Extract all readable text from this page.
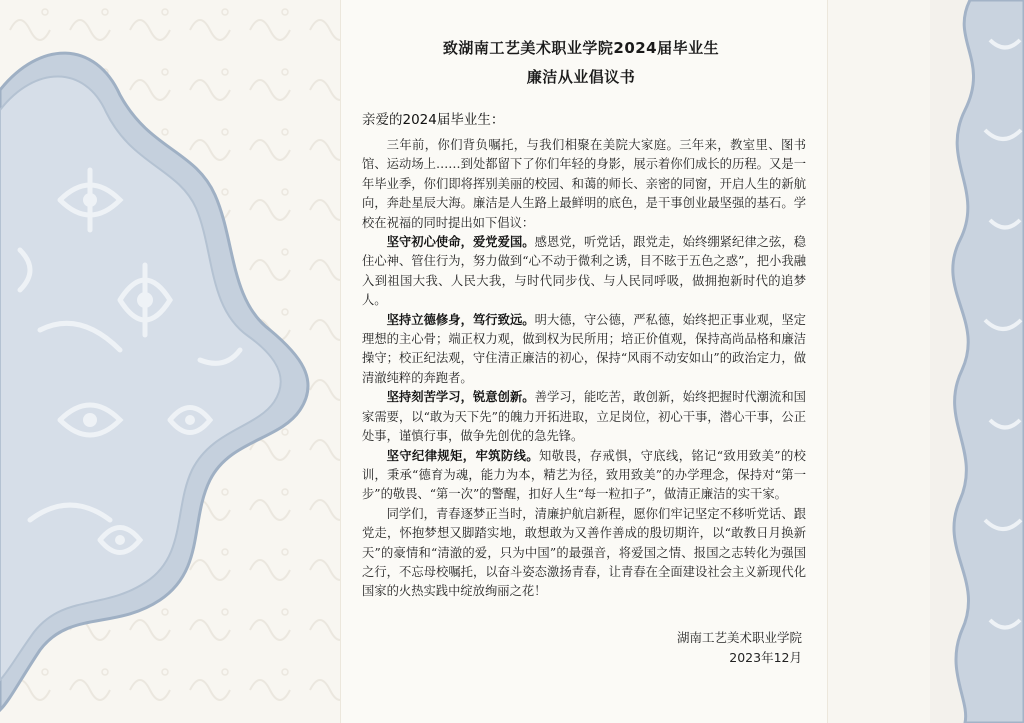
致湖南工艺美术职业学院2024届毕业生
廉洁从业倡议书
亲爱的2024届毕业生：

三年前，你们背负嘱托，与我们相聚在美院大家庭。三年来，教室里、图书馆、运动场上……到处都留下了你们年轻的身影，展示着你们成长的历程。又是一年毕业季，你们即将挥别美丽的校园、和蔼的师长、亲密的同窗，开启人生的新航向，奔赴星辰大海。廉洁是人生路上最鲜明的底色，是干事创业最坚强的基石。学校在祝福的同时提出如下倡议：

坚守初心使命，爱党爱国。感恩党，听党话，跟党走，始终绷紧纪律之弦，稳住心神、管住行为，努力做到“心不动于微利之诱，目不眩于五色之惑”，把小我融入到祖国大我、人民大我，与时代同步伐、与人民同呼吸，做拥抱新时代的追梦人。

坚持立德修身，笃行致远。明大德，守公德，严私德，始终把正事业观，坚定理想的主心骨；端正权力观，做到权为民所用；培正价值观，保持高尚品格和廉洁操守；校正纪法观，守住清正廉洁的初心，保持“风雨不动安如山”的政治定力，做清澈纯粹的奔跑者。

坚持刻苦学习，锐意创新。善学习，能吃苦，敢创新，始终把握时代潮流和国家需要，以“敢为天下先”的魄力开拓进取，立足岗位，初心干事，潜心干事，公正处事，谨慎行事，做争先创优的急先锋。

坚守纪律规矩，牢筑防线。知敬畏，存戒惧，守底线，铭记“致用致美”的校训，秉承“德育为魂，能力为本，精艺为径，致用致美”的办学理念，保持对“第一步”的敬畏、“第一次”的警醒，扣好人生“每一粒扣子”，做清正廉洁的实干家。

同学们，青春逐梦正当时，清廉护航启新程，愿你们牢记坚定不移听党话、跟党走，怀抱梦想又脚踏实地，敢想敢为又善作善成的殷切期许，以“敢教日月换新天”的豪情和“清澈的爱，只为中国”的最强音，将爱国之情、报国之志转化为强国之行，不忘母校嘱托，以奋斗姿态激扬青春，让青春在全面建设社会主义新现代化国家的火热实践中绽放绚丽之花！

湖南工艺美术职业学院
2023年12月
